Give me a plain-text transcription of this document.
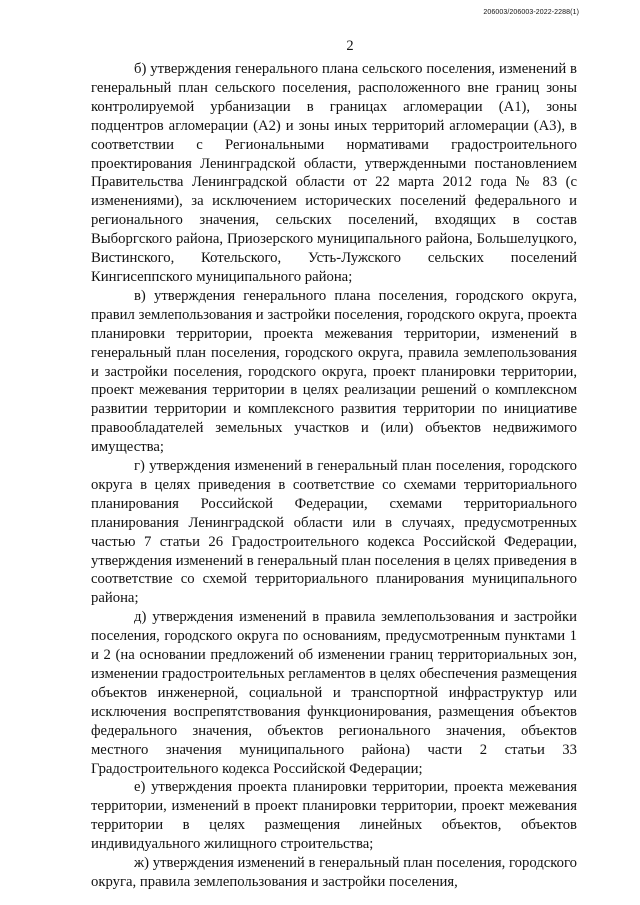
206003/206003-2022-2288(1)
2

б) утверждения генерального плана сельского поселения, изменений в генеральный план сельского поселения, расположенного вне границ зоны контролируемой урбанизации в границах агломерации (А1), зоны подцентров агломерации (А2) и зоны иных территорий агломерации (А3), в соответствии с Региональными нормативами градостроительного проектирования Ленинградской области, утвержденными постановлением Правительства Ленинградской области от 22 марта 2012 года № 83 (с изменениями), за исключением исторических поселений федерального и регионального значения, сельских поселений, входящих в состав Выборгского района, Приозерского муниципального района, Большелуцкого, Вистинского, Котельского, Усть-Лужского сельских поселений Кингисеппского муниципального района;

в) утверждения генерального плана поселения, городского округа, правил землепользования и застройки поселения, городского округа, проекта планировки территории, проекта межевания территории, изменений в генеральный план поселения, городского округа, правила землепользования и застройки поселения, городского округа, проект планировки территории, проект межевания территории в целях реализации решений о комплексном развитии территории и комплексного развития территории по инициативе правообладателей земельных участков и (или) объектов недвижимого имущества;

г) утверждения изменений в генеральный план поселения, городского округа в целях приведения в соответствие со схемами территориального планирования Российской Федерации, схемами территориального планирования Ленинградской области или в случаях, предусмотренных частью 7 статьи 26 Градостроительного кодекса Российской Федерации, утверждения изменений в генеральный план поселения в целях приведения в соответствие со схемой территориального планирования муниципального района;

д) утверждения изменений в правила землепользования и застройки поселения, городского округа по основаниям, предусмотренным пунктами 1 и 2 (на основании предложений об изменении границ территориальных зон, изменении градостроительных регламентов в целях обеспечения размещения объектов инженерной, социальной и транспортной инфраструктур или исключения воспрепятствования функционирования, размещения объектов федерального значения, объектов регионального значения, объектов местного значения муниципального района) части 2 статьи 33 Градостроительного кодекса Российской Федерации;

е) утверждения проекта планировки территории, проекта межевания территории, изменений в проект планировки территории, проект межевания территории в целях размещения линейных объектов, объектов индивидуального жилищного строительства;

ж) утверждения изменений в генеральный план поселения, городского округа, правила землепользования и застройки поселения,
